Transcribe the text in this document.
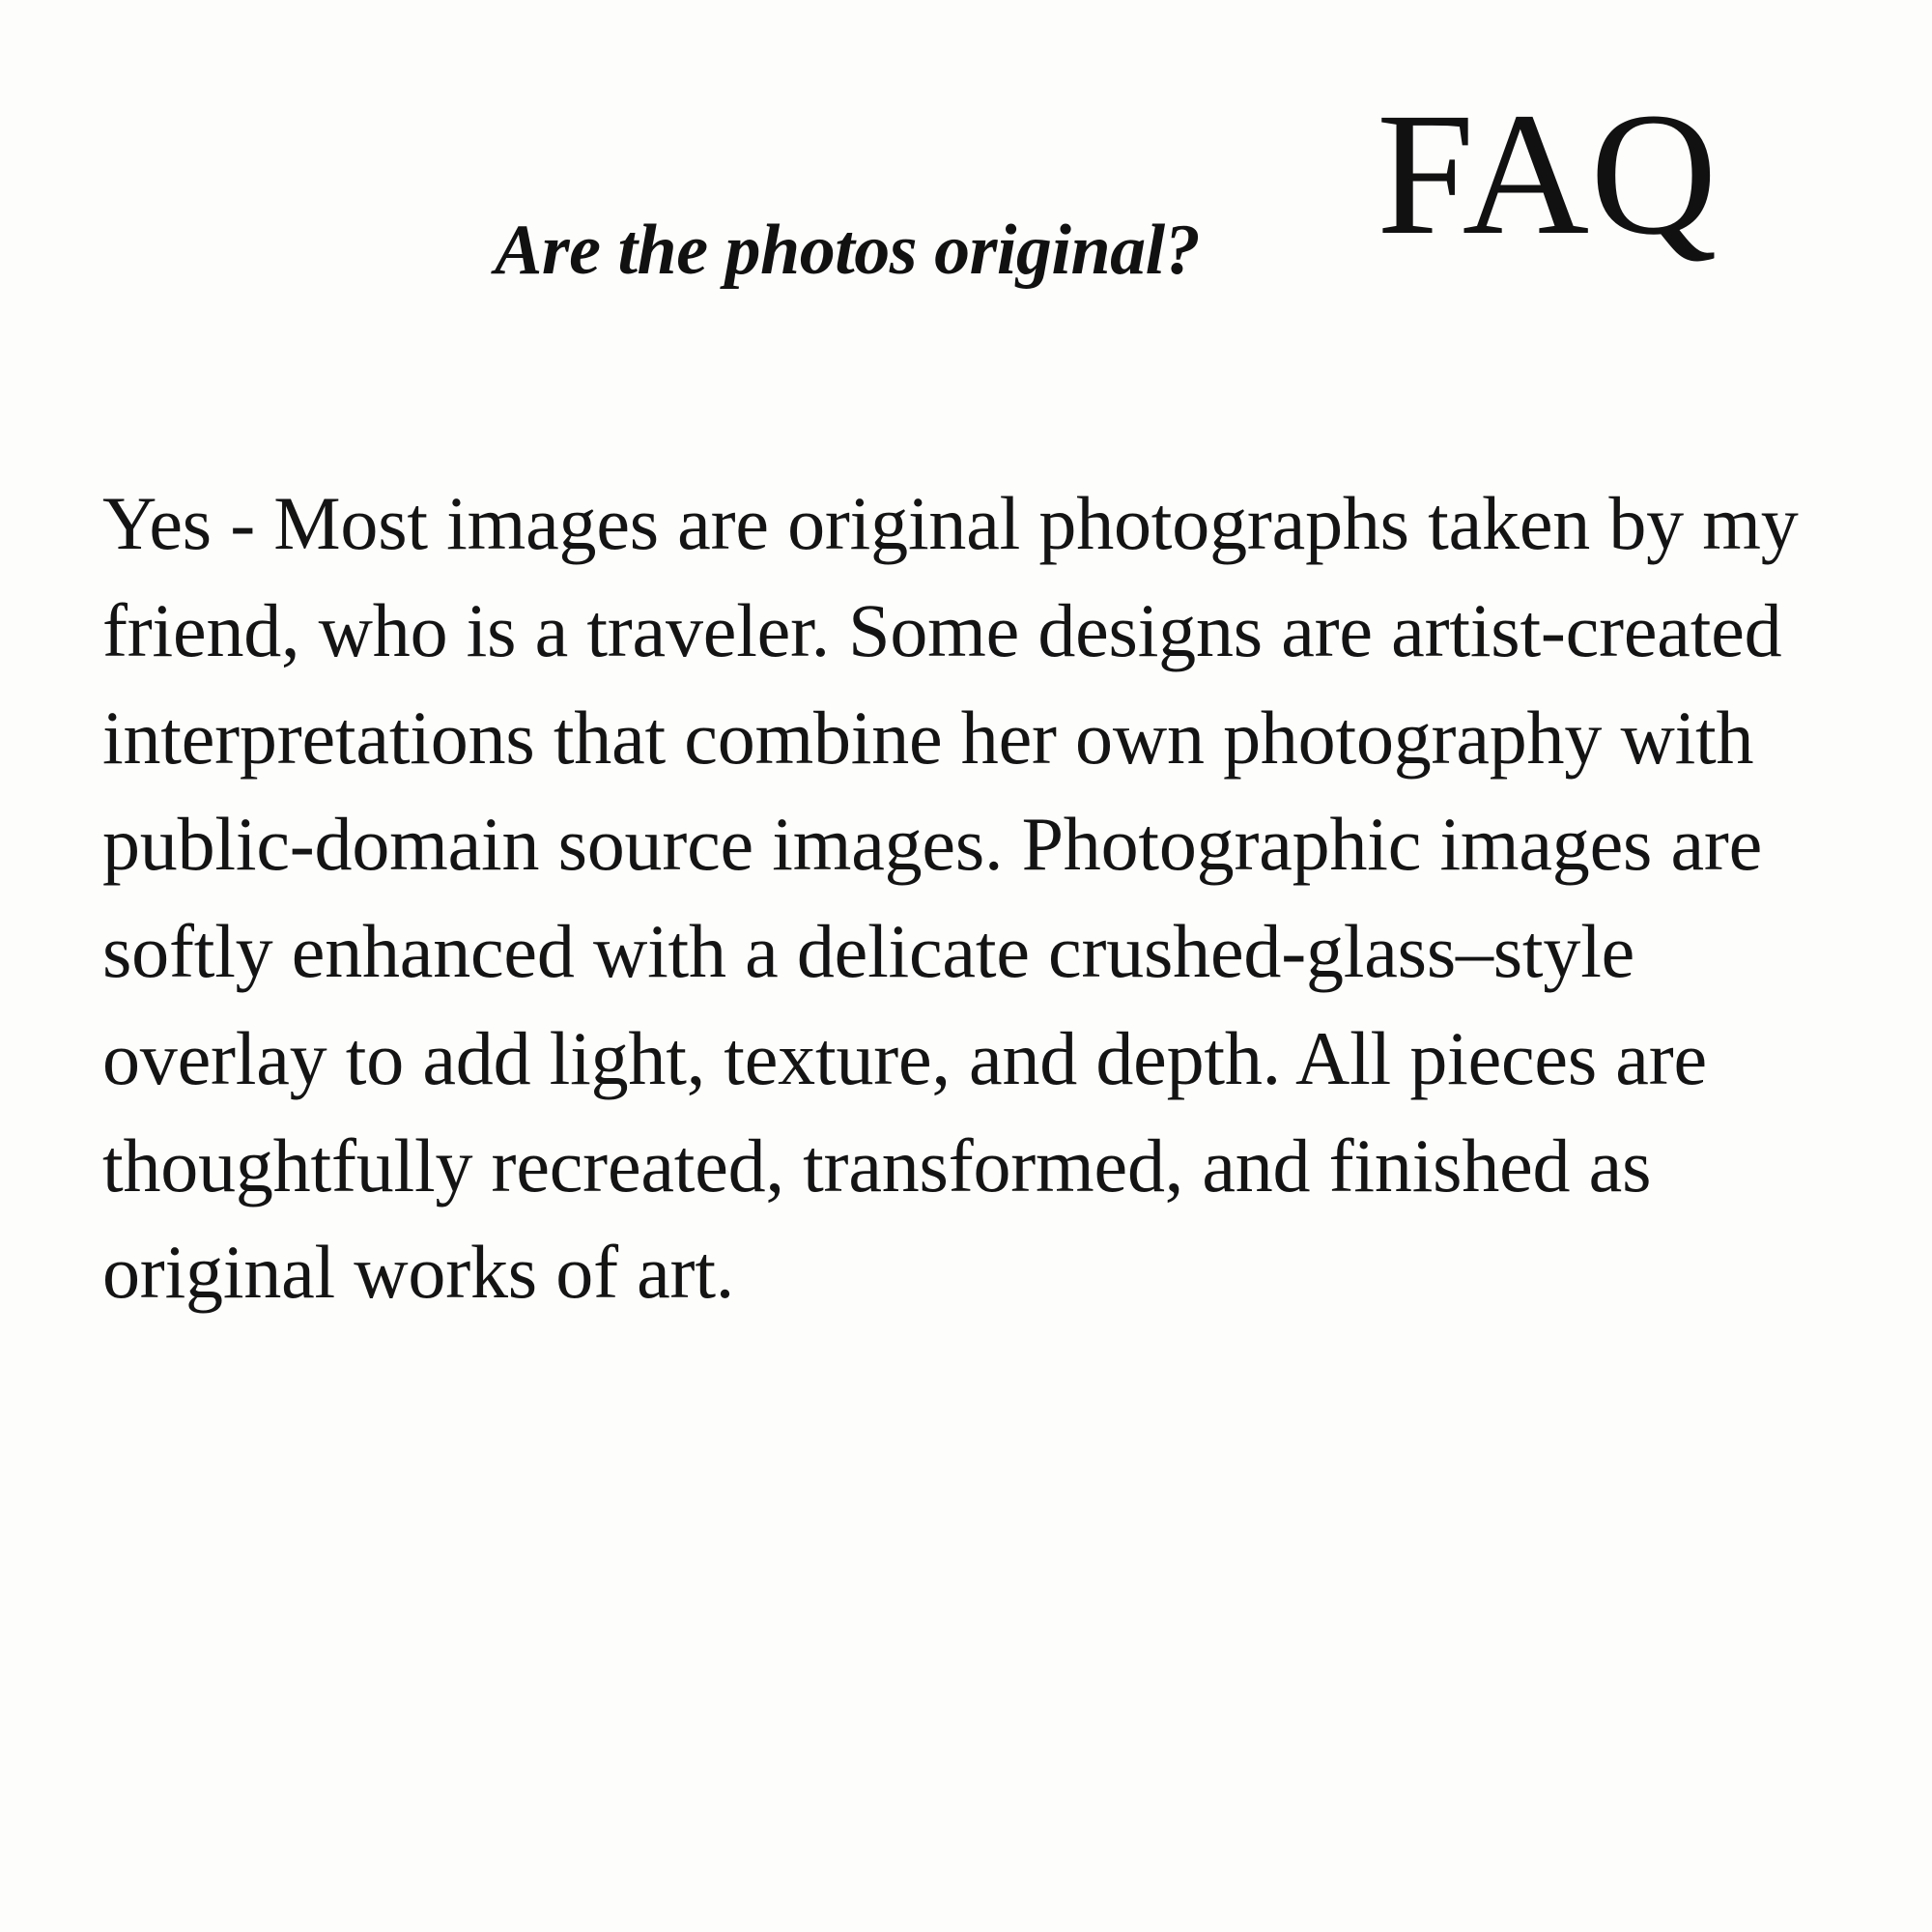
FAQ
Are the photos original?
Yes - Most images are original photographs taken by my friend, who is a traveler. Some designs are artist-created interpretations that combine her own photography with public-domain source images. Photographic images are softly enhanced with a delicate crushed-glass–style overlay to add light, texture, and depth. All pieces are thoughtfully recreated, transformed, and finished as original works of art.
